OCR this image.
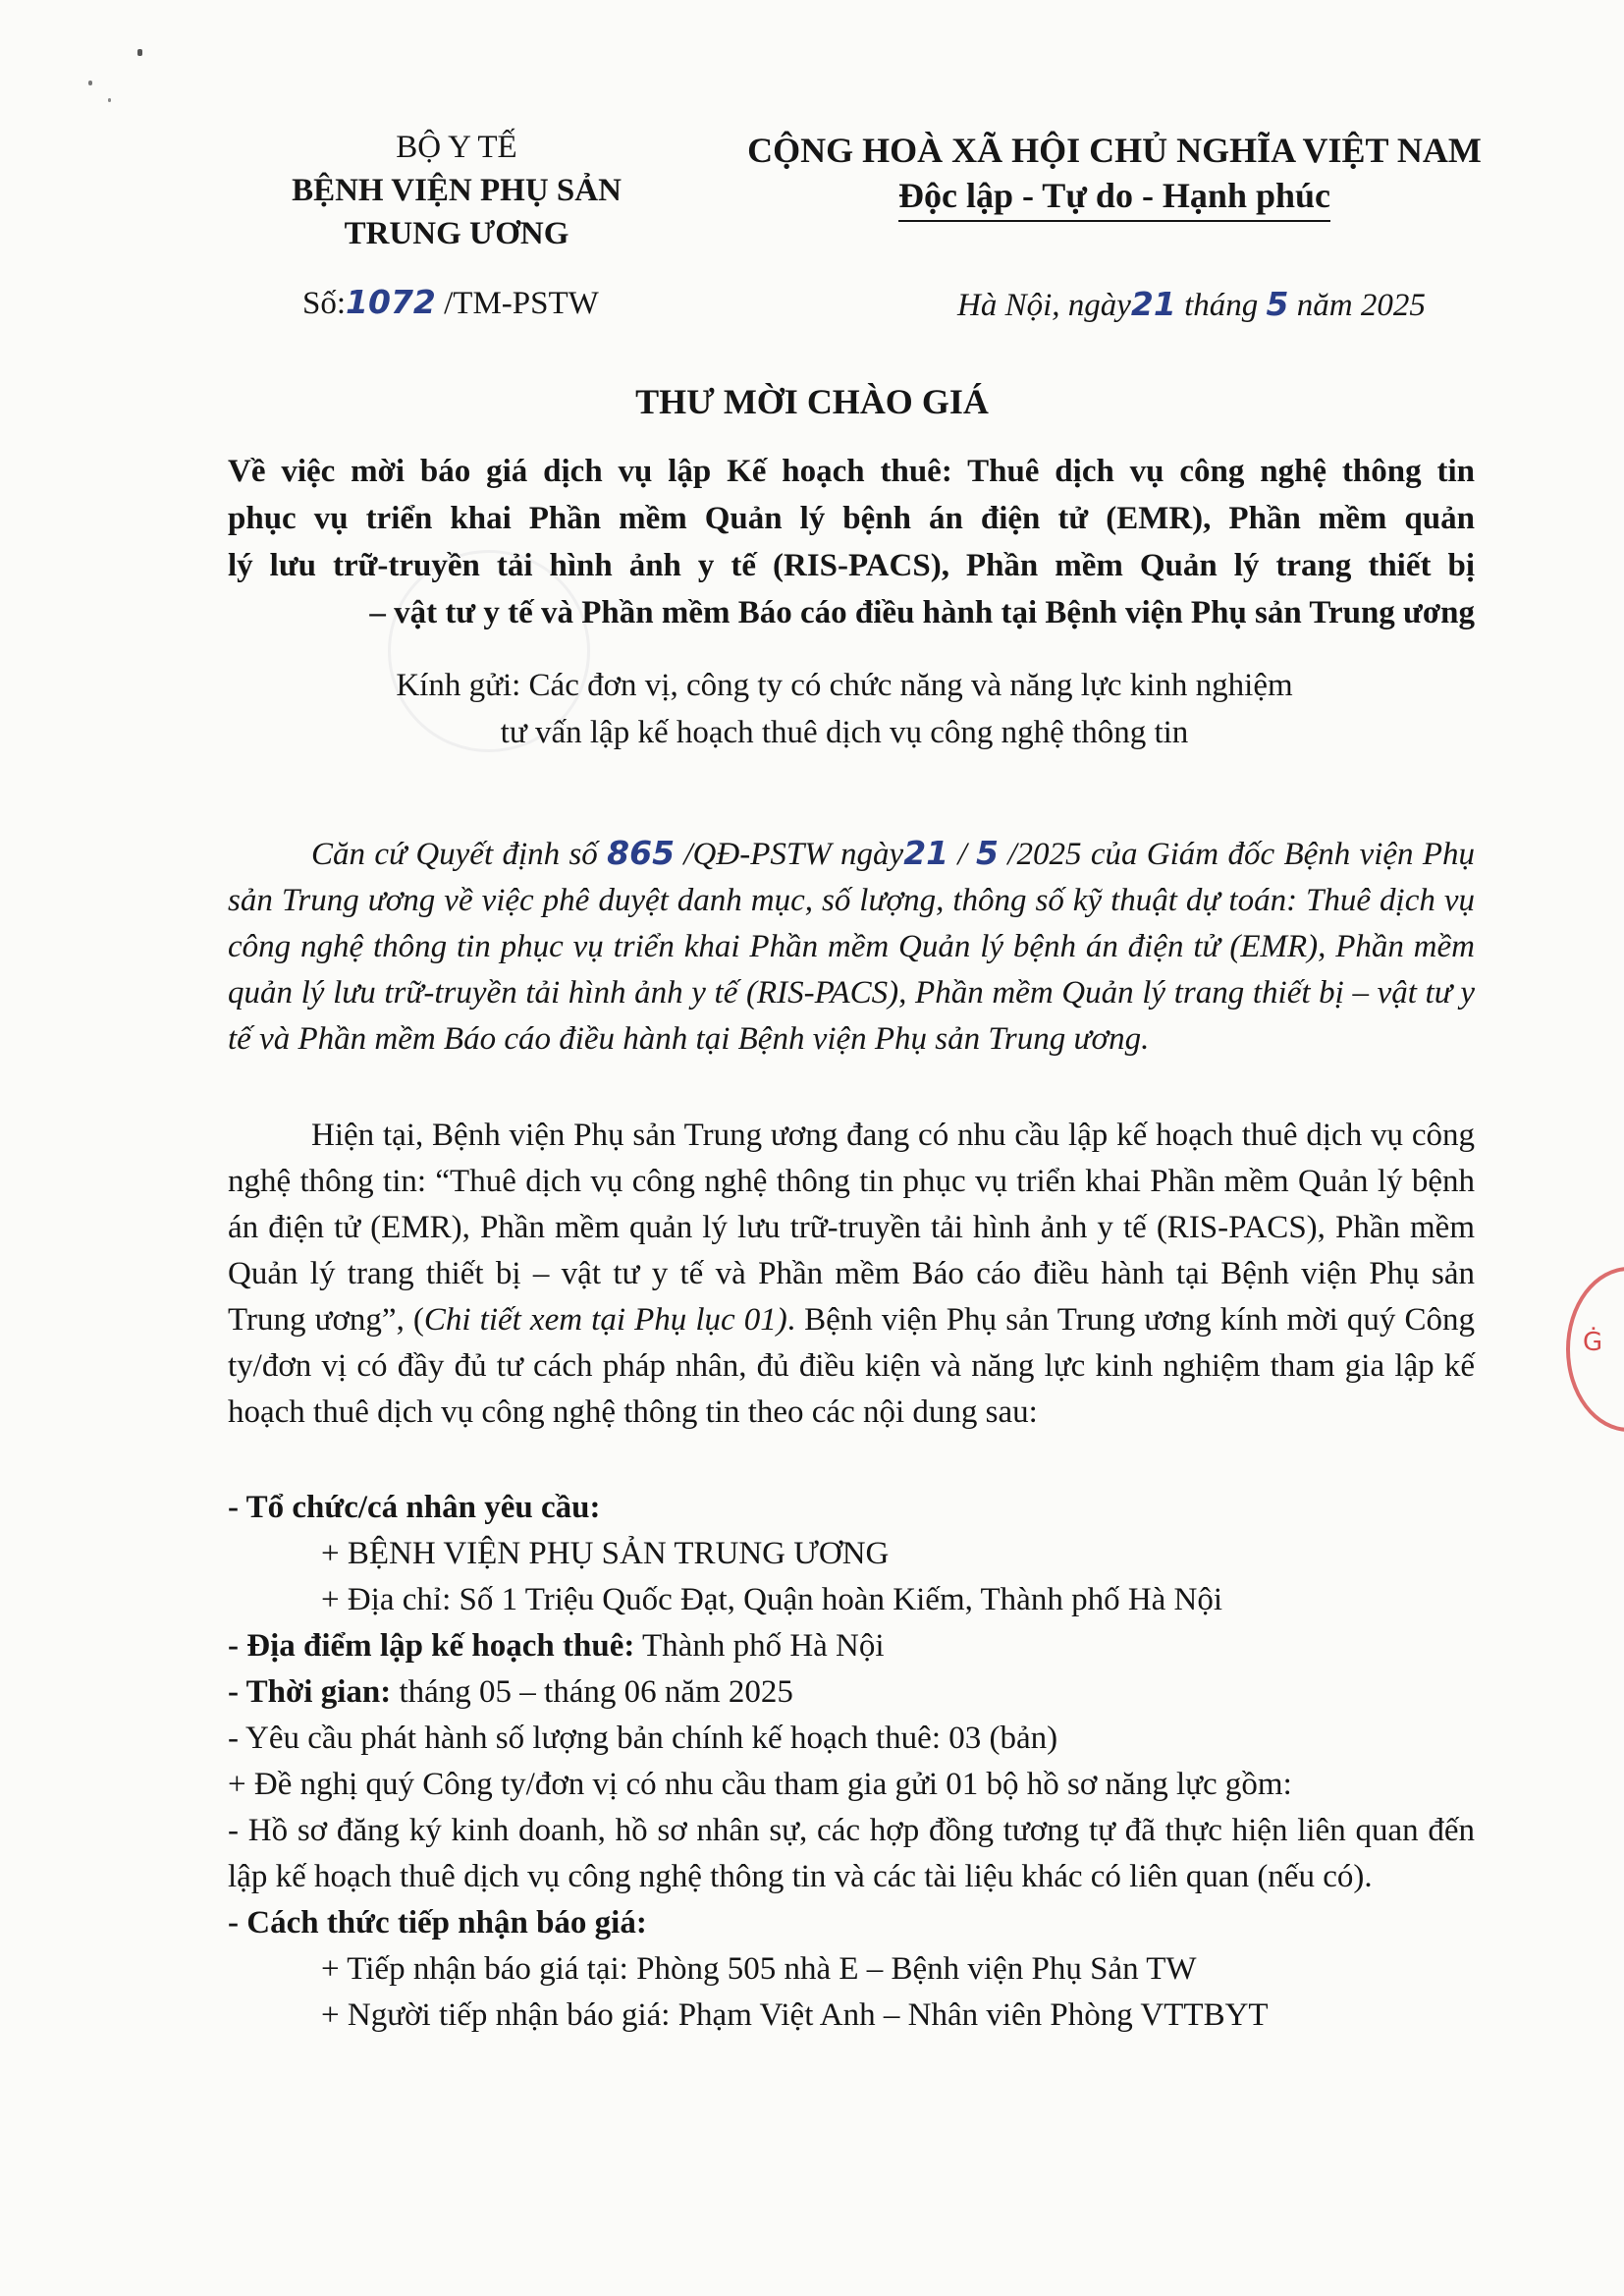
BỘ Y TẾ
BỆNH VIỆN PHỤ SẢN
TRUNG ƯƠNG
CỘNG HOÀ XÃ HỘI CHỦ NGHĨA VIỆT NAM
Độc lập - Tự do - Hạnh phúc
Số:1072 /TM-PSTW	Hà Nội, ngày21 tháng 5 năm 2025
THƯ MỜI CHÀO GIÁ
Về việc mời báo giá dịch vụ lập Kế hoạch thuê: Thuê dịch vụ công nghệ thông tin
phục vụ triển khai Phần mềm Quản lý bệnh án điện tử (EMR), Phần mềm quản
lý lưu trữ-truyền tải hình ảnh y tế (RIS-PACS), Phần mềm Quản lý trang thiết bị
– vật tư y tế và Phần mềm Báo cáo điều hành tại Bệnh viện Phụ sản Trung ương
Kính gửi: Các đơn vị, công ty có chức năng và năng lực kinh nghiệm
tư vấn lập kế hoạch thuê dịch vụ công nghệ thông tin

Căn cứ Quyết định số 865 /QĐ-PSTW ngày21 / 5 /2025 của Giám đốc Bệnh viện Phụ sản Trung ương về việc phê duyệt danh mục, số lượng, thông số kỹ thuật dự toán: Thuê dịch vụ công nghệ thông tin phục vụ triển khai Phần mềm Quản lý bệnh án điện tử (EMR), Phần mềm quản lý lưu trữ-truyền tải hình ảnh y tế (RIS-PACS), Phần mềm Quản lý trang thiết bị – vật tư y tế và Phần mềm Báo cáo điều hành tại Bệnh viện Phụ sản Trung ương.

Hiện tại, Bệnh viện Phụ sản Trung ương đang có nhu cầu lập kế hoạch thuê dịch vụ công nghệ thông tin: “Thuê dịch vụ công nghệ thông tin phục vụ triển khai Phần mềm Quản lý bệnh án điện tử (EMR), Phần mềm quản lý lưu trữ-truyền tải hình ảnh y tế (RIS-PACS), Phần mềm Quản lý trang thiết bị – vật tư y tế và Phần mềm Báo cáo điều hành tại Bệnh viện Phụ sản Trung ương”, (Chi tiết xem tại Phụ lục 01). Bệnh viện Phụ sản Trung ương kính mời quý Công ty/đơn vị có đầy đủ tư cách pháp nhân, đủ điều kiện và năng lực kinh nghiệm tham gia lập kế hoạch thuê dịch vụ công nghệ thông tin theo các nội dung sau:

- Tổ chức/cá nhân yêu cầu:

+ BỆNH VIỆN PHỤ SẢN TRUNG ƯƠNG

+ Địa chỉ: Số 1 Triệu Quốc Đạt, Quận hoàn Kiếm, Thành phố Hà Nội

- Địa điểm lập kế hoạch thuê: Thành phố Hà Nội

- Thời gian: tháng 05 – tháng 06 năm 2025

- Yêu cầu phát hành số lượng bản chính kế hoạch thuê: 03 (bản)

+ Đề nghị quý Công ty/đơn vị có nhu cầu tham gia gửi 01 bộ hồ sơ năng lực gồm:

- Hồ sơ đăng ký kinh doanh, hồ sơ nhân sự, các hợp đồng tương tự đã thực hiện liên quan đến lập kế hoạch thuê dịch vụ công nghệ thông tin và các tài liệu khác có liên quan (nếu có).

- Cách thức tiếp nhận báo giá:

+ Tiếp nhận báo giá tại: Phòng 505 nhà E – Bệnh viện Phụ Sản TW

+ Người tiếp nhận báo giá: Phạm Việt Anh – Nhân viên Phòng VTTBYT

Ġ
